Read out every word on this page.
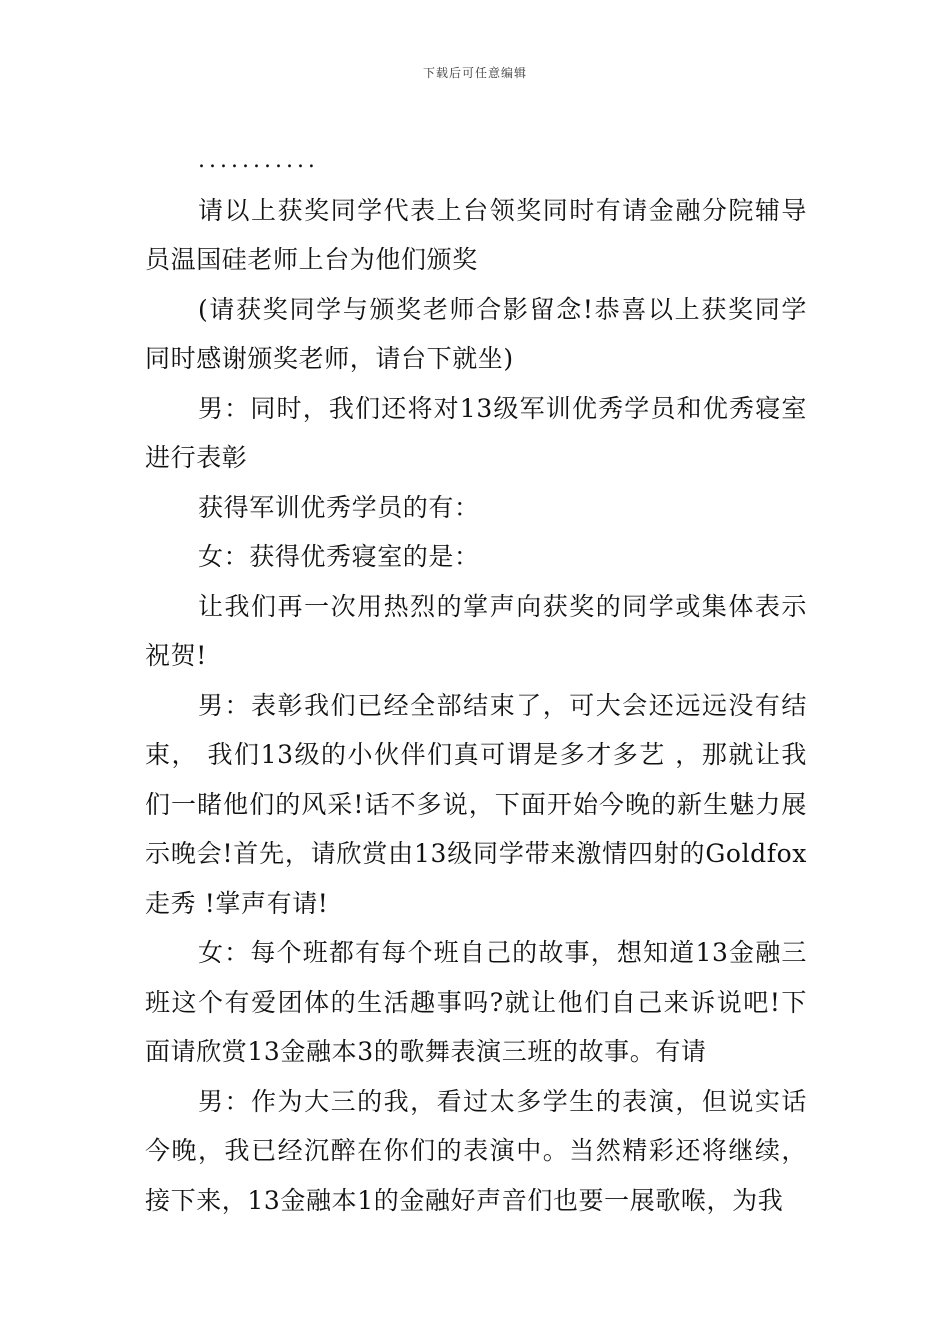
下载后可任意编辑

...........

请以上获奖同学代表上台领奖同时有请金融分院辅导员温国硅老师上台为他们颁奖

(请获奖同学与颁奖老师合影留念!恭喜以上获奖同学同时感谢颁奖老师，请台下就坐)

男：同时，我们还将对13级军训优秀学员和优秀寝室进行表彰

获得军训优秀学员的有：

女：获得优秀寝室的是：

让我们再一次用热烈的掌声向获奖的同学或集体表示祝贺!

男：表彰我们已经全部结束了，可大会还远远没有结束， 我们13级的小伙伴们真可谓是多才多艺 ，那就让我们一睹他们的风采!话不多说，下面开始今晚的新生魅力展示晚会!首先，请欣赏由13级同学带来激情四射的Goldfox走秀 !掌声有请!

女：每个班都有每个班自己的故事，想知道13金融三班这个有爱团体的生活趣事吗?就让他们自己来诉说吧!下面请欣赏13金融本3的歌舞表演三班的故事。有请

男：作为大三的我，看过太多学生的表演，但说实话今晚，我已经沉醉在你们的表演中。当然精彩还将继续，接下来，13金融本1的金融好声音们也要一展歌喉，为我
